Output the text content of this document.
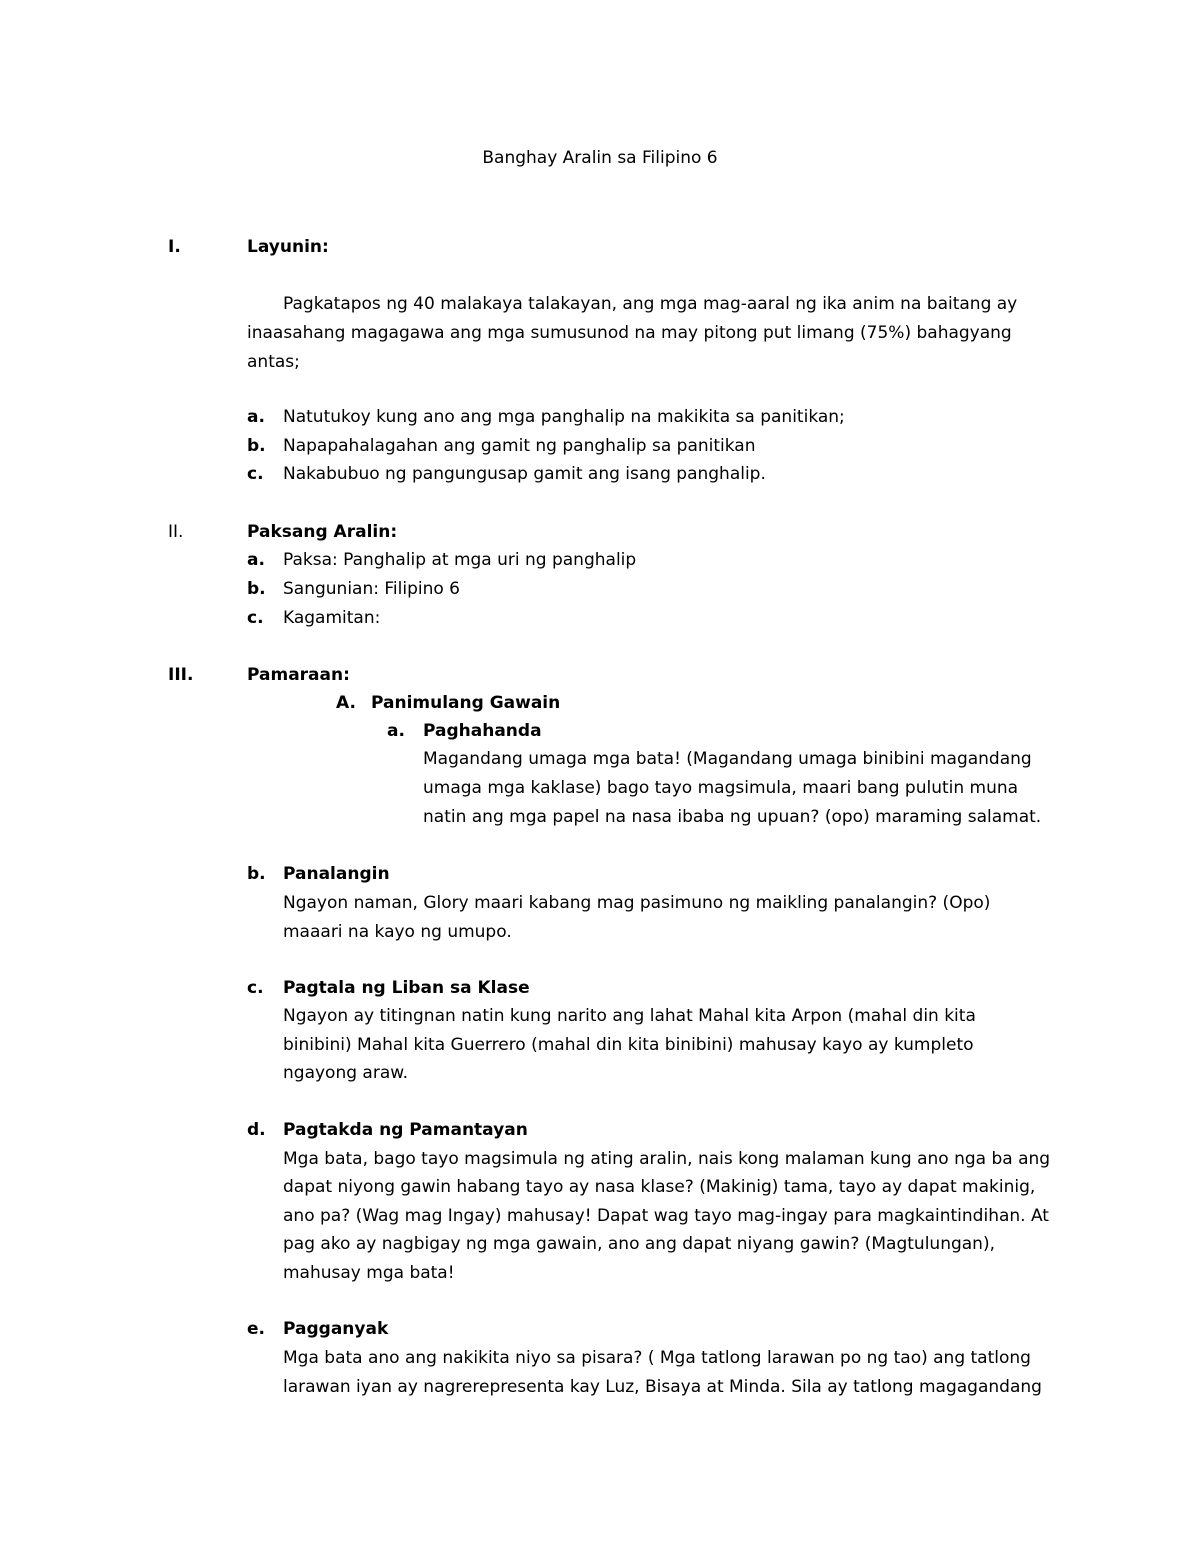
Banghay Aralin sa Filipino 6
I.	Layunin:
Pagkatapos ng 40 malakaya talakayan, ang mga mag-aaral ng ika anim na baitang ay
inaasahang magagawa ang mga sumusunod na may pitong put limang (75%) bahagyang
antas;
a. Natutukoy kung ano ang mga panghalip na makikita sa panitikan;
b. Napapahalagahan ang gamit ng panghalip sa panitikan
c. Nakabubuo ng pangungusap gamit ang isang panghalip.
II.	Paksang Aralin:
a. Paksa: Panghalip at mga uri ng panghalip
b. Sangunian: Filipino 6
c. Kagamitan:
III.	Pamaraan:
A. Panimulang Gawain
a. Paghahanda
Magandang umaga mga bata! (Magandang umaga binibini magandang
umaga mga kaklase) bago tayo magsimula, maari bang pulutin muna
natin ang mga papel na nasa ibaba ng upuan? (opo) maraming salamat.
b. Panalangin
Ngayon naman, Glory maari kabang mag pasimuno ng maikling panalangin? (Opo)
maaari na kayo ng umupo.
c. Pagtala ng Liban sa Klase
Ngayon ay titingnan natin kung narito ang lahat Mahal kita Arpon (mahal din kita
binibini) Mahal kita Guerrero (mahal din kita binibini) mahusay kayo ay kumpleto
ngayong araw.
d. Pagtakda ng Pamantayan
Mga bata, bago tayo magsimula ng ating aralin, nais kong malaman kung ano nga ba ang
dapat niyong gawin habang tayo ay nasa klase? (Makinig) tama, tayo ay dapat makinig,
ano pa? (Wag mag Ingay) mahusay! Dapat wag tayo mag-ingay para magkaintindihan. At
pag ako ay nagbigay ng mga gawain, ano ang dapat niyang gawin? (Magtulungan),
mahusay mga bata!
e. Pagganyak
Mga bata ano ang nakikita niyo sa pisara? ( Mga tatlong larawan po ng tao) ang tatlong
larawan iyan ay nagrerepresenta kay Luz, Bisaya at Minda. Sila ay tatlong magagandang
